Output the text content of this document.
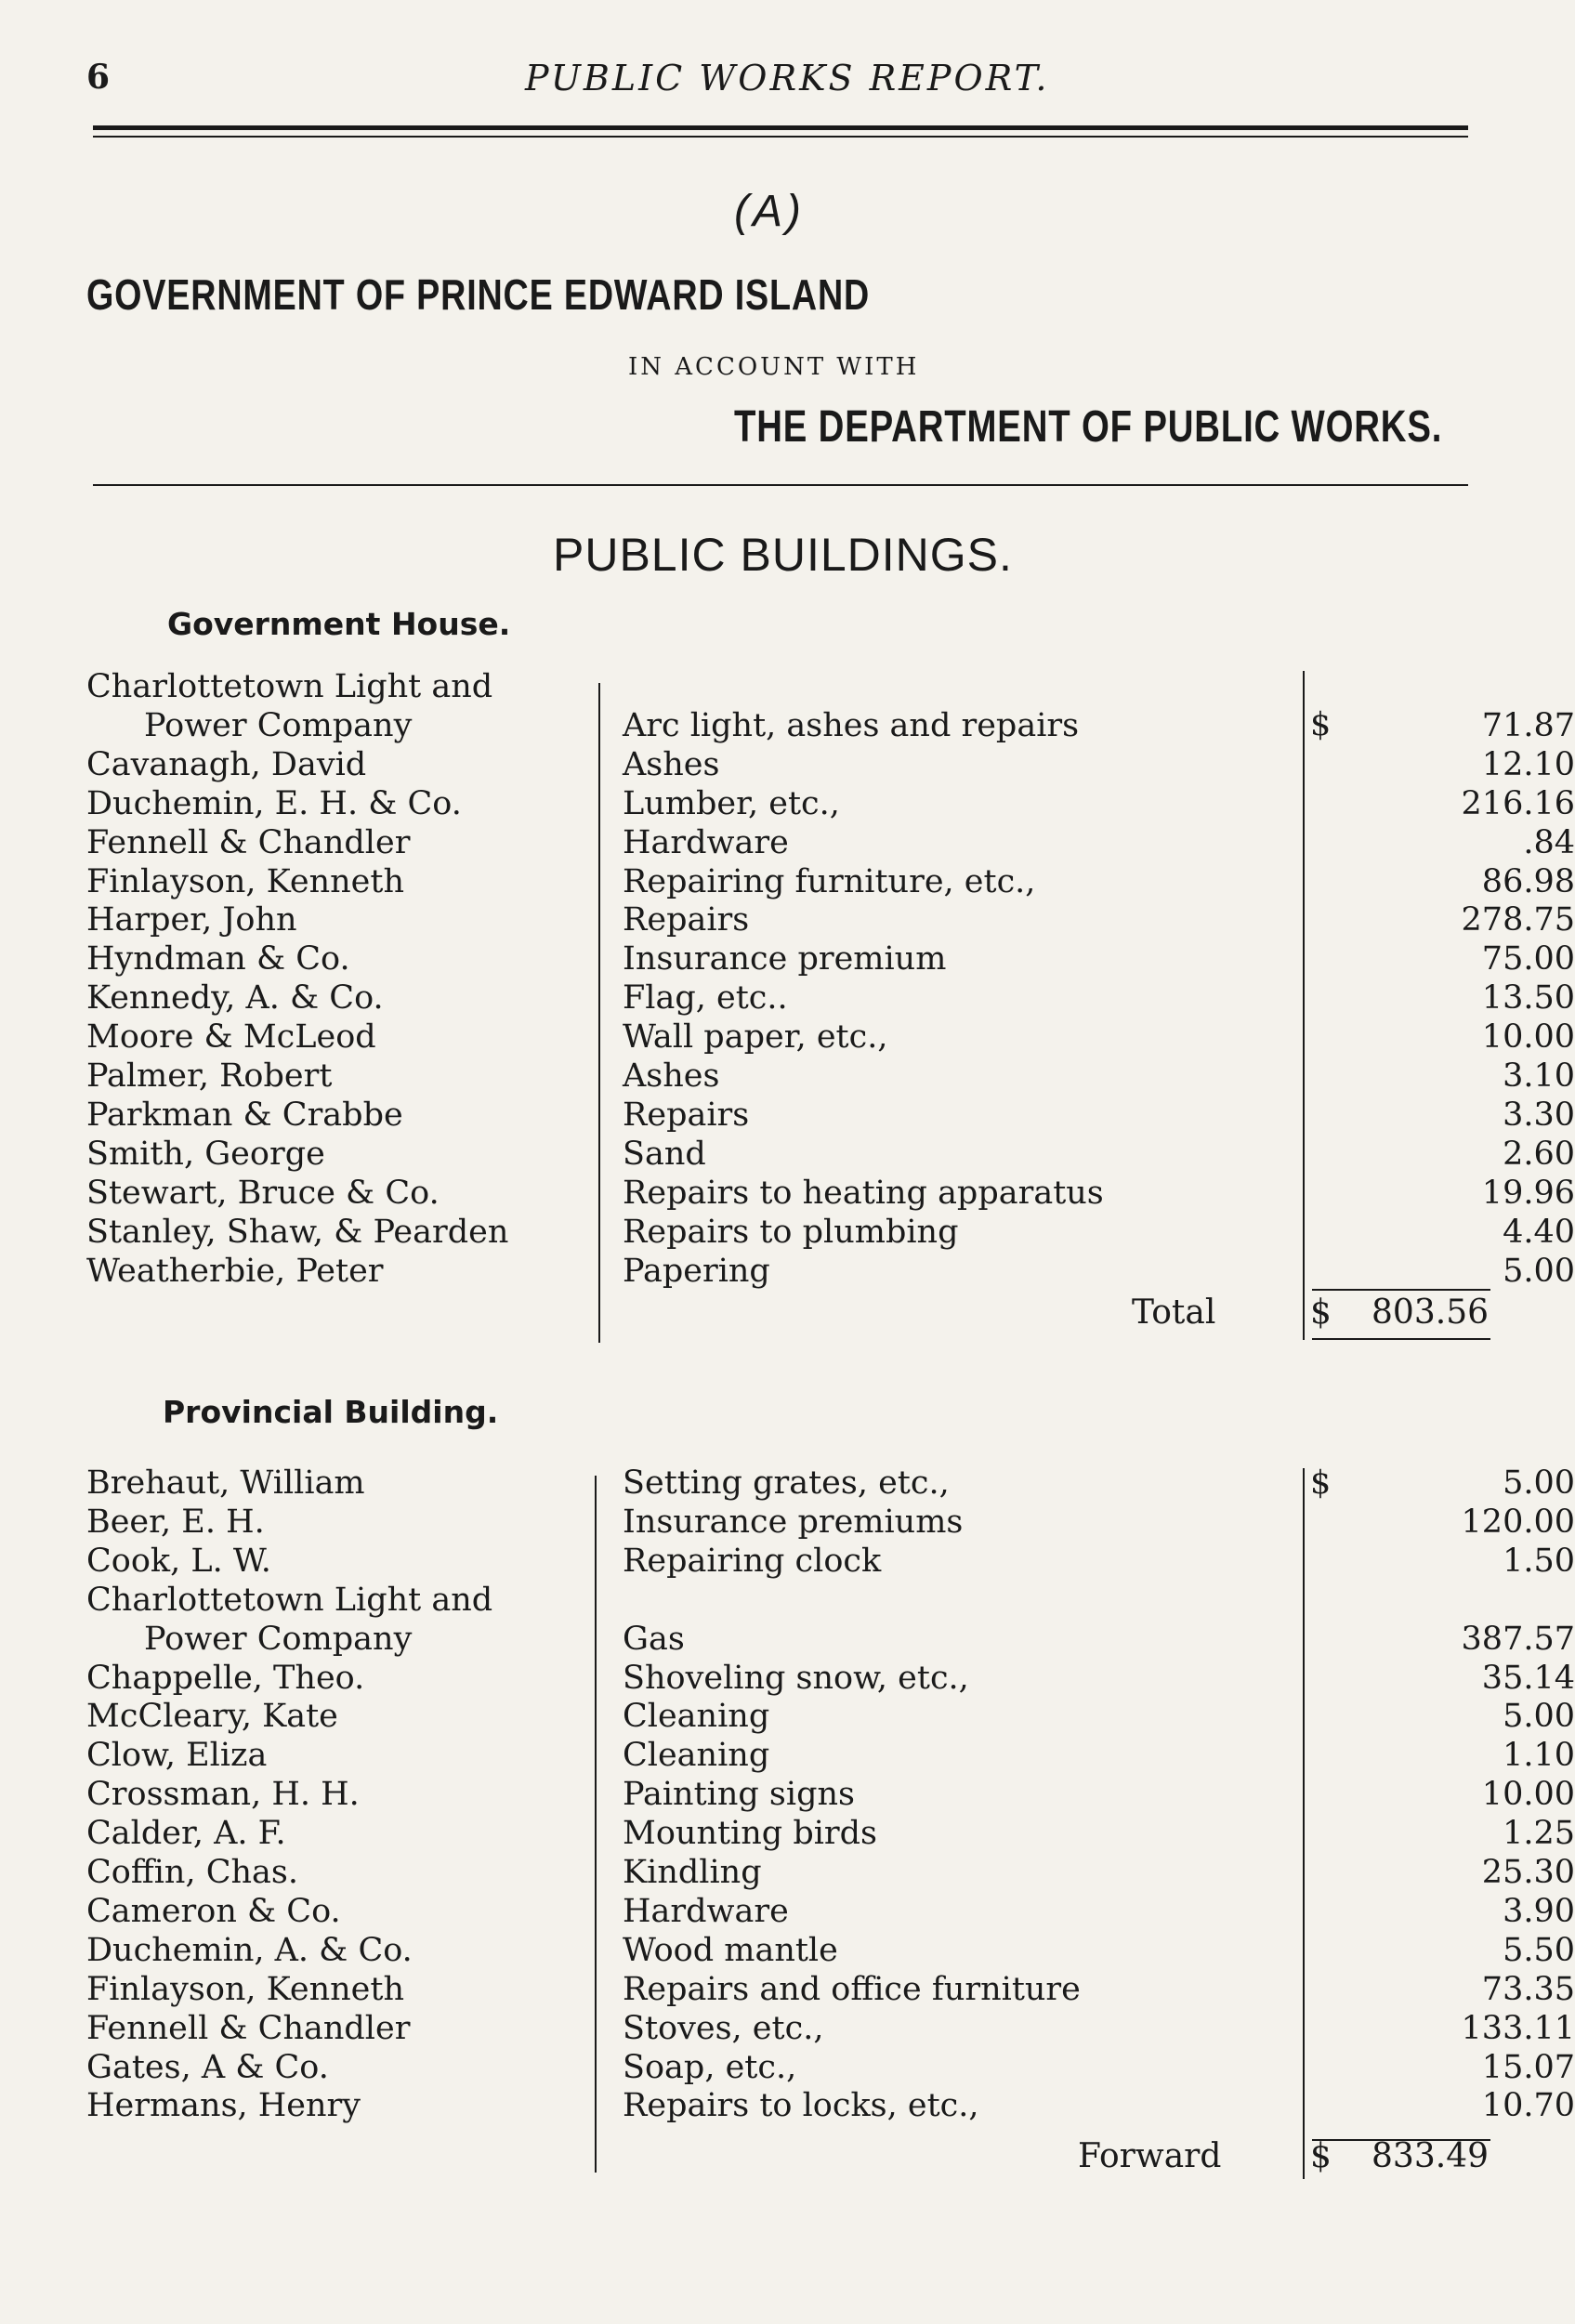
6	PUBLIC WORKS REPORT.
(A)
GOVERNMENT OF PRINCE EDWARD ISLAND
IN ACCOUNT WITH
THE DEPARTMENT OF PUBLIC WORKS.
PUBLIC BUILDINGS.
Government House.
Charlottetown Light and
Power Company	Arc light, ashes and repairs	71.87
Cavanagh, David	Ashes	12.10
Duchemin, E. H. & Co.	Lumber, etc.,	216.16
Fennell & Chandler	Hardware	.84
Finlayson, Kenneth	Repairing furniture, etc.,	86.98
Harper, John	Repairs	278.75
Hyndman & Co.	Insurance premium	75.00
Kennedy, A. & Co.	Flag, etc..	13.50
Moore & McLeod	Wall paper, etc.,	10.00
Palmer, Robert	Ashes	3.10
Parkman & Crabbe	Repairs	3.30
Smith, George	Sand	2.60
Stewart, Bruce & Co.	Repairs to heating apparatus	19.96
Stanley, Shaw, & Pearden	Repairs to plumbing	4.40
Weatherbie, Peter	Papering	5.00
$
Total	$	803.56
Provincial Building.
Brehaut, William	Setting grates, etc.,	5.00
Beer, E. H.	Insurance premiums	120.00
Cook, L. W.	Repairing clock	1.50
Charlottetown Light and
Power Company	Gas	387.57
Chappelle, Theo.	Shoveling snow, etc.,	35.14
McCleary, Kate	Cleaning	5.00
Clow, Eliza	Cleaning	1.10
Crossman, H. H.	Painting signs	10.00
Calder, A. F.	Mounting birds	1.25
Coffin, Chas.	Kindling	25.30
Cameron & Co.	Hardware	3.90
Duchemin, A. & Co.	Wood mantle	5.50
Finlayson, Kenneth	Repairs and office furniture	73.35
Fennell & Chandler	Stoves, etc.,	133.11
Gates, A & Co.	Soap, etc.,	15.07
Hermans, Henry	Repairs to locks, etc.,	10.70
$
Forward	$	833.49
